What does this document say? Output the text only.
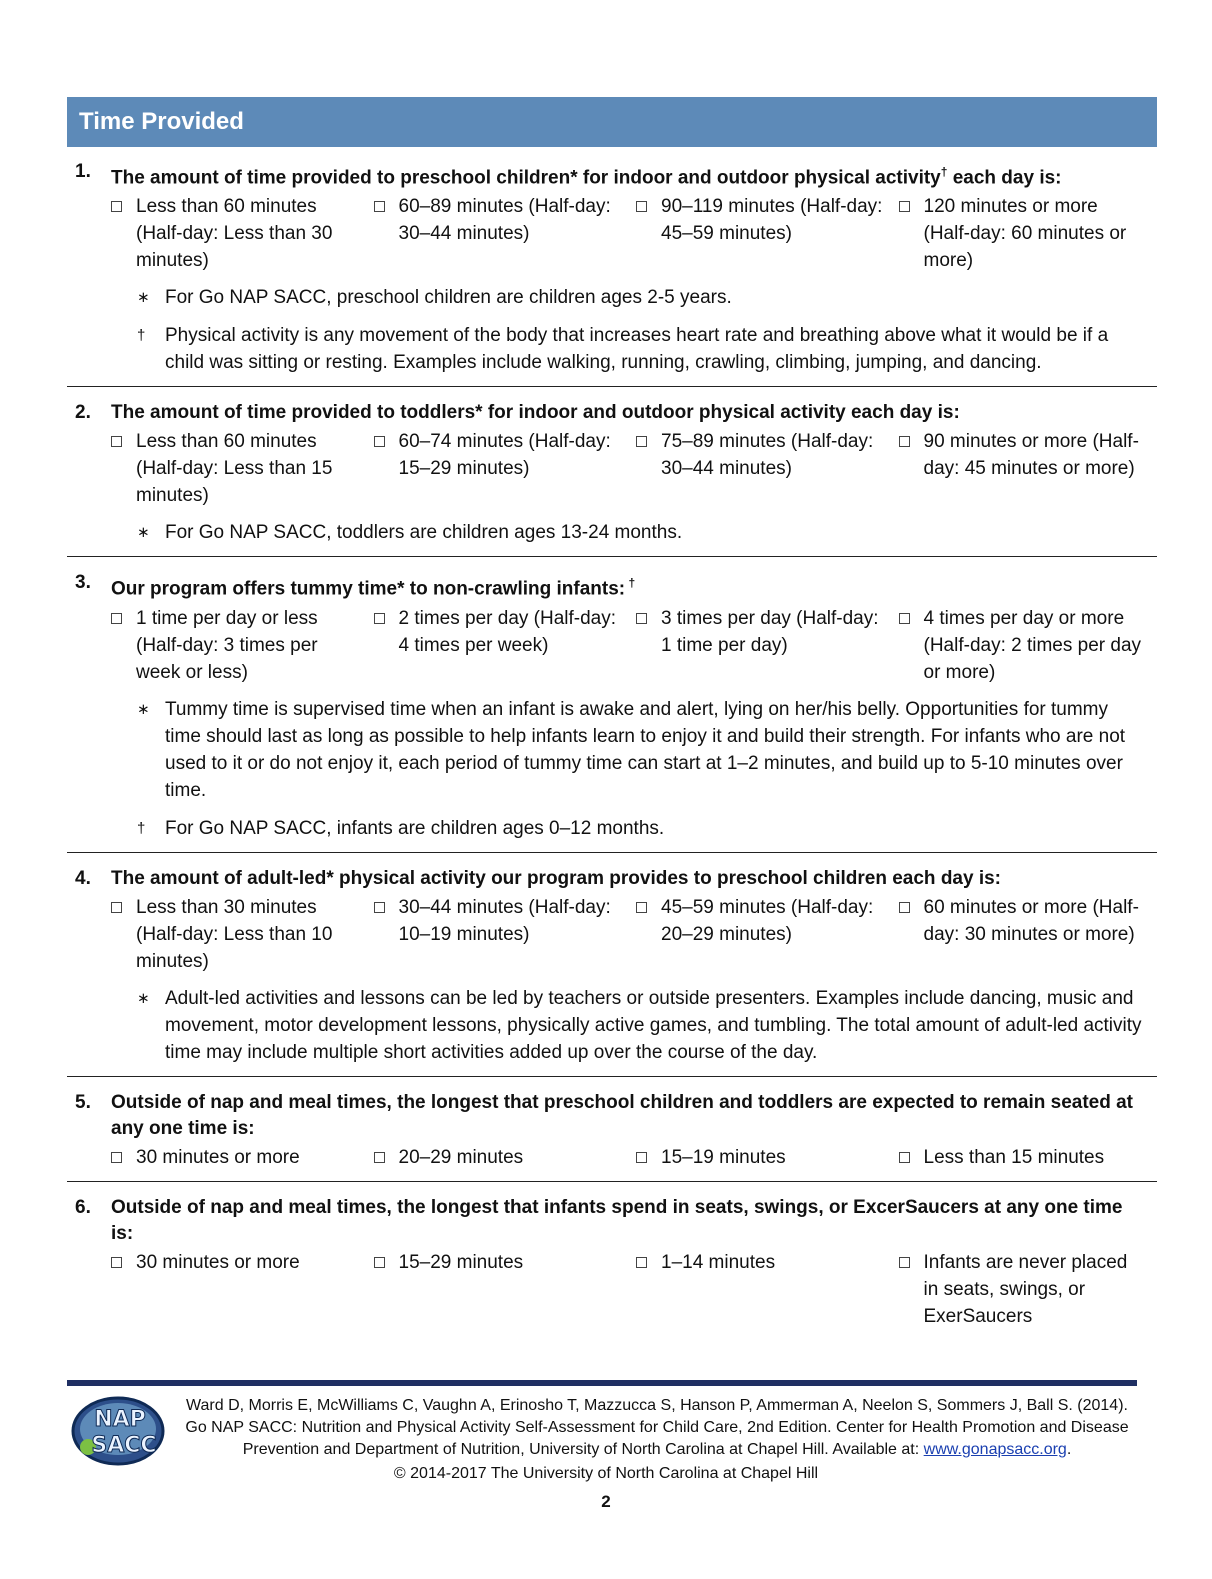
Time Provided
1.	The amount of time provided to preschool children* for indoor and outdoor physical activity† each day is:
Less than 60 minutes (Half-day: Less than 30 minutes)
60–89 minutes (Half-day: 30–44 minutes)
90–119 minutes (Half-day: 45–59 minutes)
120 minutes or more (Half-day: 60 minutes or more)
∗ For Go NAP SACC, preschool children are children ages 2-5 years.
†	Physical activity is any movement of the body that increases heart rate and breathing above what it would be if a child was sitting or resting. Examples include walking, running, crawling, climbing, jumping, and dancing.
2.	The amount of time provided to toddlers* for indoor and outdoor physical activity each day is:
Less than 60 minutes (Half-day: Less than 15 minutes)
60–74 minutes (Half-day: 15–29 minutes)
75–89 minutes (Half-day: 30–44 minutes)
90 minutes or more (Half-day: 45 minutes or more)
∗ For Go NAP SACC, toddlers are children ages 13-24 months.
3.	Our program offers tummy time* to non-crawling infants: †
1 time per day or less (Half-day: 3 times per week or less)
2 times per day (Half-day: 4 times per week)
3 times per day (Half-day: 1 time per day)
4 times per day or more (Half-day: 2 times per day or more)
∗ Tummy time is supervised time when an infant is awake and alert, lying on her/his belly. Opportunities for tummy time should last as long as possible to help infants learn to enjoy it and build their strength. For infants who are not used to it or do not enjoy it, each period of tummy time can start at 1–2 minutes, and build up to 5-10 minutes over time.
†	For Go NAP SACC, infants are children ages 0–12 months.
4.	The amount of adult-led* physical activity our program provides to preschool children each day is:
Less than 30 minutes (Half-day: Less than 10 minutes)
30–44 minutes (Half-day: 10–19 minutes)
45–59 minutes (Half-day: 20–29 minutes)
60 minutes or more (Half-day: 30 minutes or more)
∗ Adult-led activities and lessons can be led by teachers or outside presenters. Examples include dancing, music and movement, motor development lessons, physically active games, and tumbling. The total amount of adult-led activity time may include multiple short activities added up over the course of the day.
5.	Outside of nap and meal times, the longest that preschool children and toddlers are expected to remain seated at any one time is:
30 minutes or more	20–29 minutes	15–19 minutes	Less than 15 minutes
6.	Outside of nap and meal times, the longest that infants spend in seats, swings, or ExcerSaucers at any one time is:
30 minutes or more	15–29 minutes	1–14 minutes	Infants are never placed in seats, swings, or ExerSaucers
NAP
SACC
Ward D, Morris E, McWilliams C, Vaughn A, Erinosho T, Mazzucca S, Hanson P, Ammerman A, Neelon S, Sommers J, Ball S. (2014). Go NAP SACC: Nutrition and Physical Activity Self-Assessment for Child Care, 2nd Edition. Center for Health Promotion and Disease Prevention and Department of Nutrition, University of North Carolina at Chapel Hill. Available at: www.gonapsacc.org.
© 2014-2017 The University of North Carolina at Chapel Hill
2
